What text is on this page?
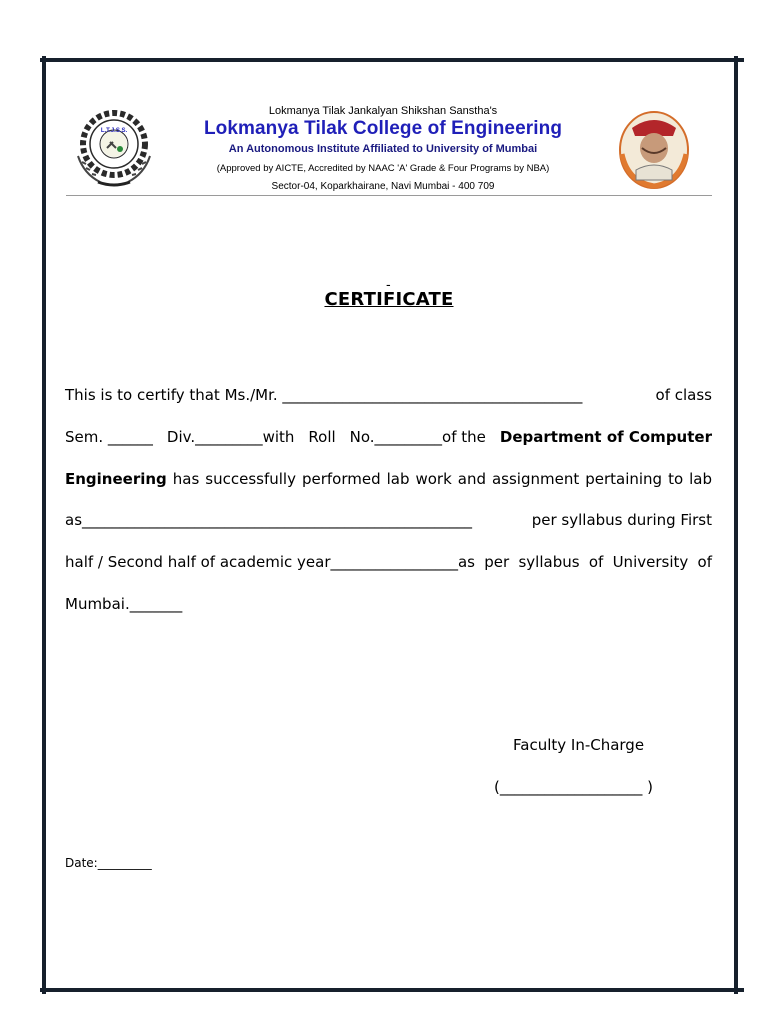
L.T.J.S.S.
Lokmanya Tilak Jankalyan Shikshan Sanstha's
Lokmanya Tilak College of Engineering
An Autonomous Institute Affiliated to University of Mumbai
(Approved by AICTE, Accredited by NAAC 'A' Grade & Four Programs by NBA)
Sector-04, Koparkhairane, Navi Mumbai - 400 709
-
CERTIFICATE
This is to certify that Ms./Mr. ________________________________________	of class
Sem. ______ Div._________with Roll No._________of the Department of Computer
Engineering has successfully performed lab work and assignment pertaining to lab
as____________________________________________________	per syllabus during First
half / Second half of academic year_________________as per syllabus of University of
Mumbai._______
Faculty In-Charge
(___________________ )
Date:_________
